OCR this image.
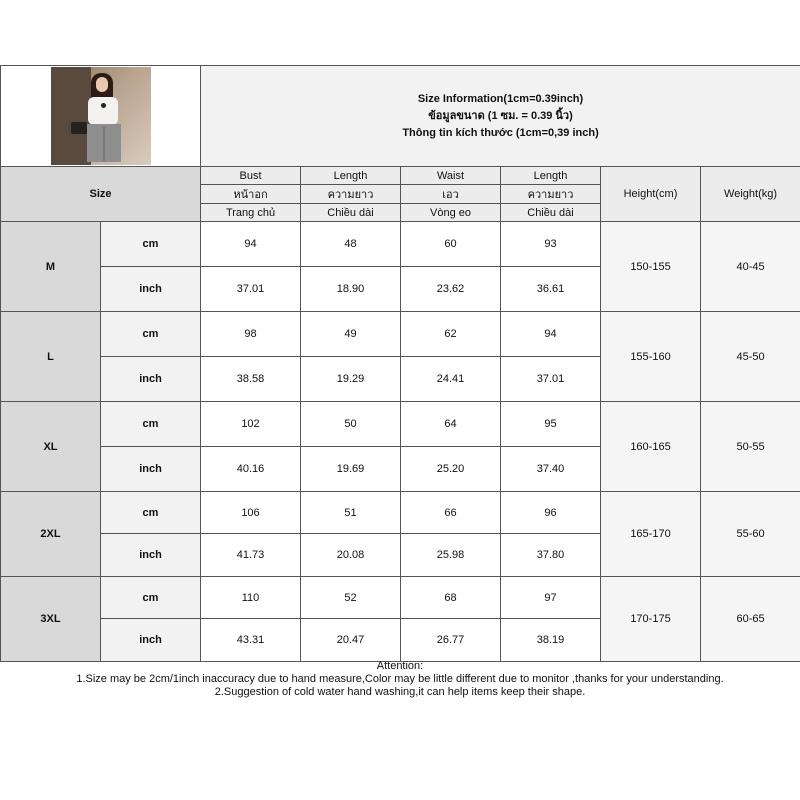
		Size Information(1cm=0.39inch)
ข้อมูลขนาด (1 ซม. = 0.39 นิ้ว)
Thông tin kích thước (1cm=0,39 inch)					

Size		Bust	Length	Waist	Length	Height(cm)	Weight(kg)
		หน้าอก	ความยาว	เอว	ความยาว		
		Trang chủ	Chiều dài	Vòng eo	Chiều dài		
M	cm	94	48	60	93	150-155	40-45
	inch	37.01	18.90	23.62	36.61		
L	cm	98	49	62	94	155-160	45-50
	inch	38.58	19.29	24.41	37.01		
XL	cm	102	50	64	95	160-165	50-55
	inch	40.16	19.69	25.20	37.40		
2XL	cm	106	51	66	96	165-170	55-60
	inch	41.73	20.08	25.98	37.80		
3XL	cm	110	52	68	97	170-175	60-65
	inch	43.31	20.47	26.77	38.19		
Attention:
1.Size may be 2cm/1inch inaccuracy due to hand measure,Color may be little different due to monitor ,thanks for your understanding.
2.Suggestion of cold water hand washing,it can help items keep their shape.
